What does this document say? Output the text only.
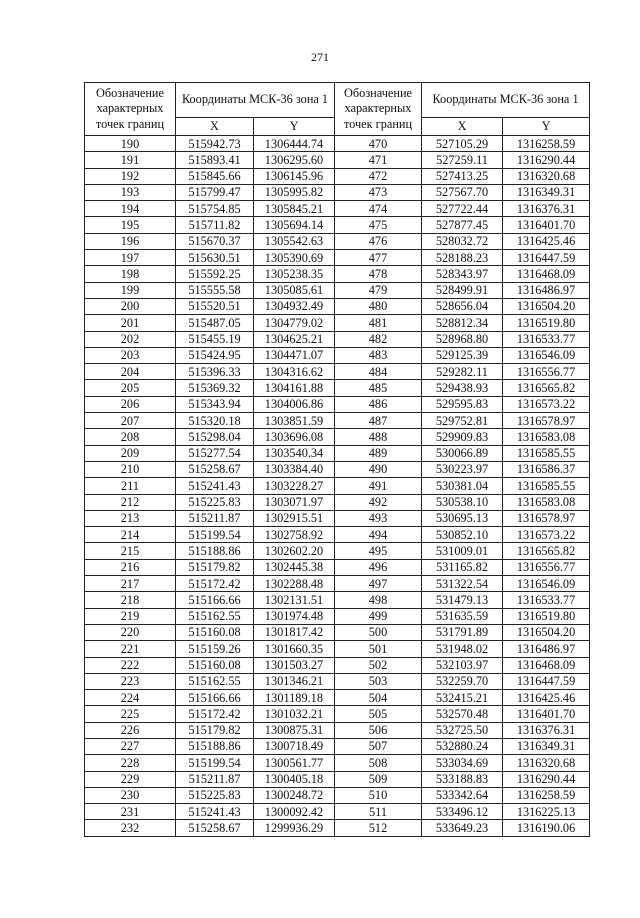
271
Обозначение характерных точек границ	Координаты МСК-36 зона 1		Обозначение характерных точек границ	Координаты МСК-36 зона 1	
	X	Y		X	Y
190	515942.73	1306444.74	470	527105.29	1316258.59
191	515893.41	1306295.60	471	527259.11	1316290.44
192	515845.66	1306145.96	472	527413.25	1316320.68
193	515799.47	1305995.82	473	527567.70	1316349.31
194	515754.85	1305845.21	474	527722.44	1316376.31
195	515711.82	1305694.14	475	527877.45	1316401.70
196	515670.37	1305542.63	476	528032.72	1316425.46
197	515630.51	1305390.69	477	528188.23	1316447.59
198	515592.25	1305238.35	478	528343.97	1316468.09
199	515555.58	1305085.61	479	528499.91	1316486.97
200	515520.51	1304932.49	480	528656.04	1316504.20
201	515487.05	1304779.02	481	528812.34	1316519.80
202	515455.19	1304625.21	482	528968.80	1316533.77
203	515424.95	1304471.07	483	529125.39	1316546.09
204	515396.33	1304316.62	484	529282.11	1316556.77
205	515369.32	1304161.88	485	529438.93	1316565.82
206	515343.94	1304006.86	486	529595.83	1316573.22
207	515320.18	1303851.59	487	529752.81	1316578.97
208	515298.04	1303696.08	488	529909.83	1316583.08
209	515277.54	1303540.34	489	530066.89	1316585.55
210	515258.67	1303384.40	490	530223.97	1316586.37
211	515241.43	1303228.27	491	530381.04	1316585.55
212	515225.83	1303071.97	492	530538.10	1316583.08
213	515211.87	1302915.51	493	530695.13	1316578.97
214	515199.54	1302758.92	494	530852.10	1316573.22
215	515188.86	1302602.20	495	531009.01	1316565.82
216	515179.82	1302445.38	496	531165.82	1316556.77
217	515172.42	1302288.48	497	531322.54	1316546.09
218	515166.66	1302131.51	498	531479.13	1316533.77
219	515162.55	1301974.48	499	531635.59	1316519.80
220	515160.08	1301817.42	500	531791.89	1316504.20
221	515159.26	1301660.35	501	531948.02	1316486.97
222	515160.08	1301503.27	502	532103.97	1316468.09
223	515162.55	1301346.21	503	532259.70	1316447.59
224	515166.66	1301189.18	504	532415.21	1316425.46
225	515172.42	1301032.21	505	532570.48	1316401.70
226	515179.82	1300875.31	506	532725.50	1316376.31
227	515188.86	1300718.49	507	532880.24	1316349.31
228	515199.54	1300561.77	508	533034.69	1316320.68
229	515211.87	1300405.18	509	533188.83	1316290.44
230	515225.83	1300248.72	510	533342.64	1316258.59
231	515241.43	1300092.42	511	533496.12	1316225.13
232	515258.67	1299936.29	512	533649.23	1316190.06
